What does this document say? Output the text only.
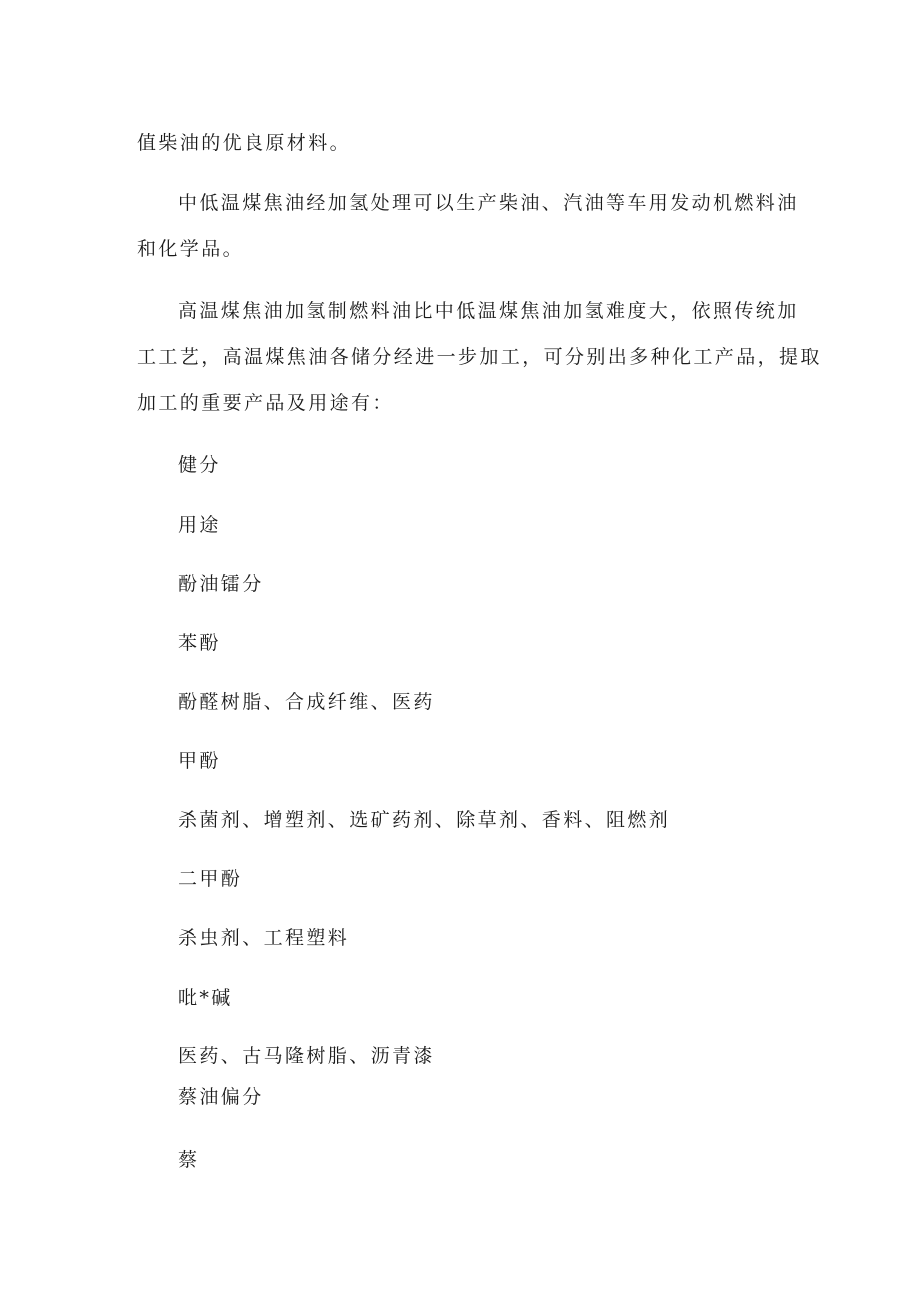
值柴油的优良原材料。
中低温煤焦油经加氢处理可以生产柴油、汽油等车用发动机燃料油
和化学品。
高温煤焦油加氢制燃料油比中低温煤焦油加氢难度大，依照传统加
工工艺，高温煤焦油各储分经进一步加工，可分别出多种化工产品，提取
加工的重要产品及用途有：
健分
用途
酚油镭分
苯酚
酚醛树脂、合成纤维、医药
甲酚
杀菌剂、增塑剂、选矿药剂、除草剂、香料、阻燃剂
二甲酚
杀虫剂、工程塑料
吡*碱
医药、古马隆树脂、沥青漆
蔡油偏分
蔡
